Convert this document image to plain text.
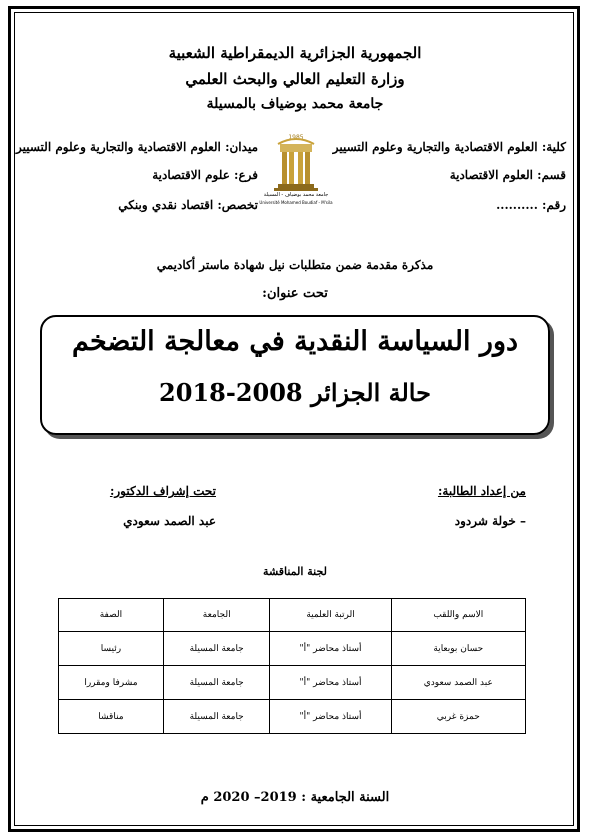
الجمهورية الجزائرية الديمقراطية الشعبية
وزارة التعليم العالي والبحث العلمي
جامعة محمد بوضياف بالمسيلة
كلية: العلوم الاقتصادية والتجارية وعلوم التسيير
قسم: العلوم الاقتصادية
رقم: ..........
ميدان: العلوم الاقتصادية والتجارية وعلوم التسيير
فرع: علوم الاقتصادية
تخصص: اقتصاد نقدي وبنكي
1985
جامعة محمد بوضياف - المسيلة
Université Mohamed Boudiaf - M'sila
مذكرة مقدمة ضمن متطلبات نيل شهادة ماستر أكاديمي
تحت عنوان:
دور السياسة النقدية في معالجة التضخم
حالة الجزائر 2008-2018
من إعداد الطالبة:
– خولة شردود
تحت إشراف الدكتور:
عبد الصمد سعودي
لجنة المناقشة
الاسم واللقب	الرتبة العلمية	الجامعة	الصفة
حسان بوبعاية	أستاذ محاضر "أ"	جامعة المسيلة	رئيسا
عبد الصمد سعودي	أستاذ محاضر "أ"	جامعة المسيلة	مشرفا ومقررا
حمزة غربي	أستاذ محاضر "أ"	جامعة المسيلة	مناقشا
السنة الجامعية : 2019– 2020 م
